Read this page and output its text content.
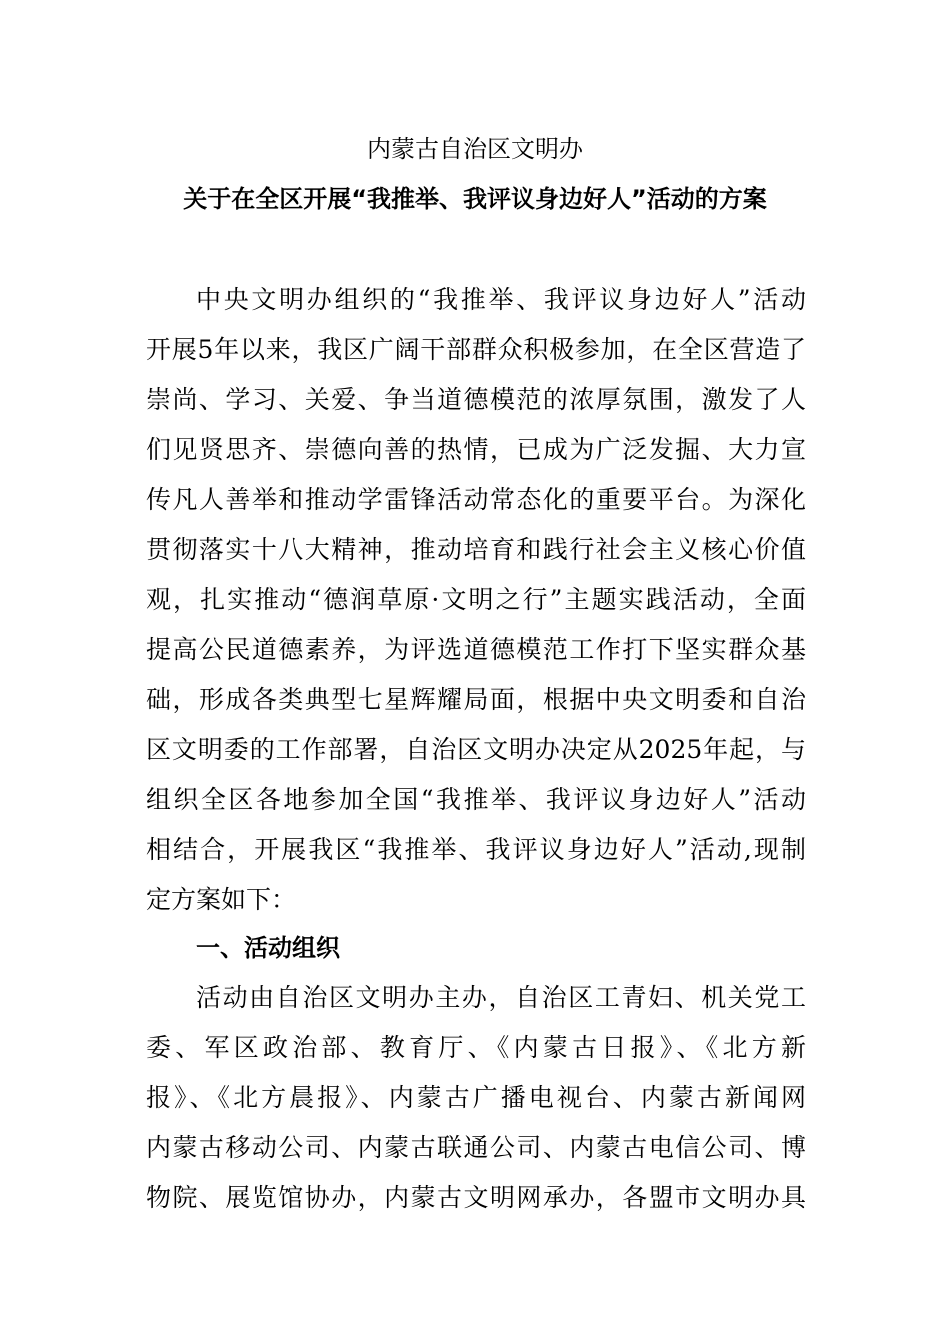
内蒙古自治区文明办
关于在全区开展“我推举、我评议身边好人”活动的方案
中央文明办组织的“我推举、我评议身边好人”活动
开展5年以来，我区广阔干部群众积极参加，在全区营造了
崇尚、学习、关爱、争当道德模范的浓厚氛围，激发了人
们见贤思齐、崇德向善的热情，已成为广泛发掘、大力宣
传凡人善举和推动学雷锋活动常态化的重要平台。为深化
贯彻落实十八大精神，推动培育和践行社会主义核心价值
观，扎实推动“德润草原·文明之行”主题实践活动，全面
提高公民道德素养，为评选道德模范工作打下坚实群众基
础，形成各类典型七星辉耀局面，根据中央文明委和自治
区文明委的工作部署，自治区文明办决定从2025年起，与
组织全区各地参加全国“我推举、我评议身边好人”活动
相结合，开展我区“我推举、我评议身边好人”活动,现制
定方案如下：
一、活动组织
活动由自治区文明办主办，自治区工青妇、机关党工
委、军区政治部、教育厅、《内蒙古日报》、《北方新
报》、《北方晨报》、内蒙古广播电视台、内蒙古新闻网
内蒙古移动公司、内蒙古联通公司、内蒙古电信公司、博
物院、展览馆协办，内蒙古文明网承办，各盟市文明办具
